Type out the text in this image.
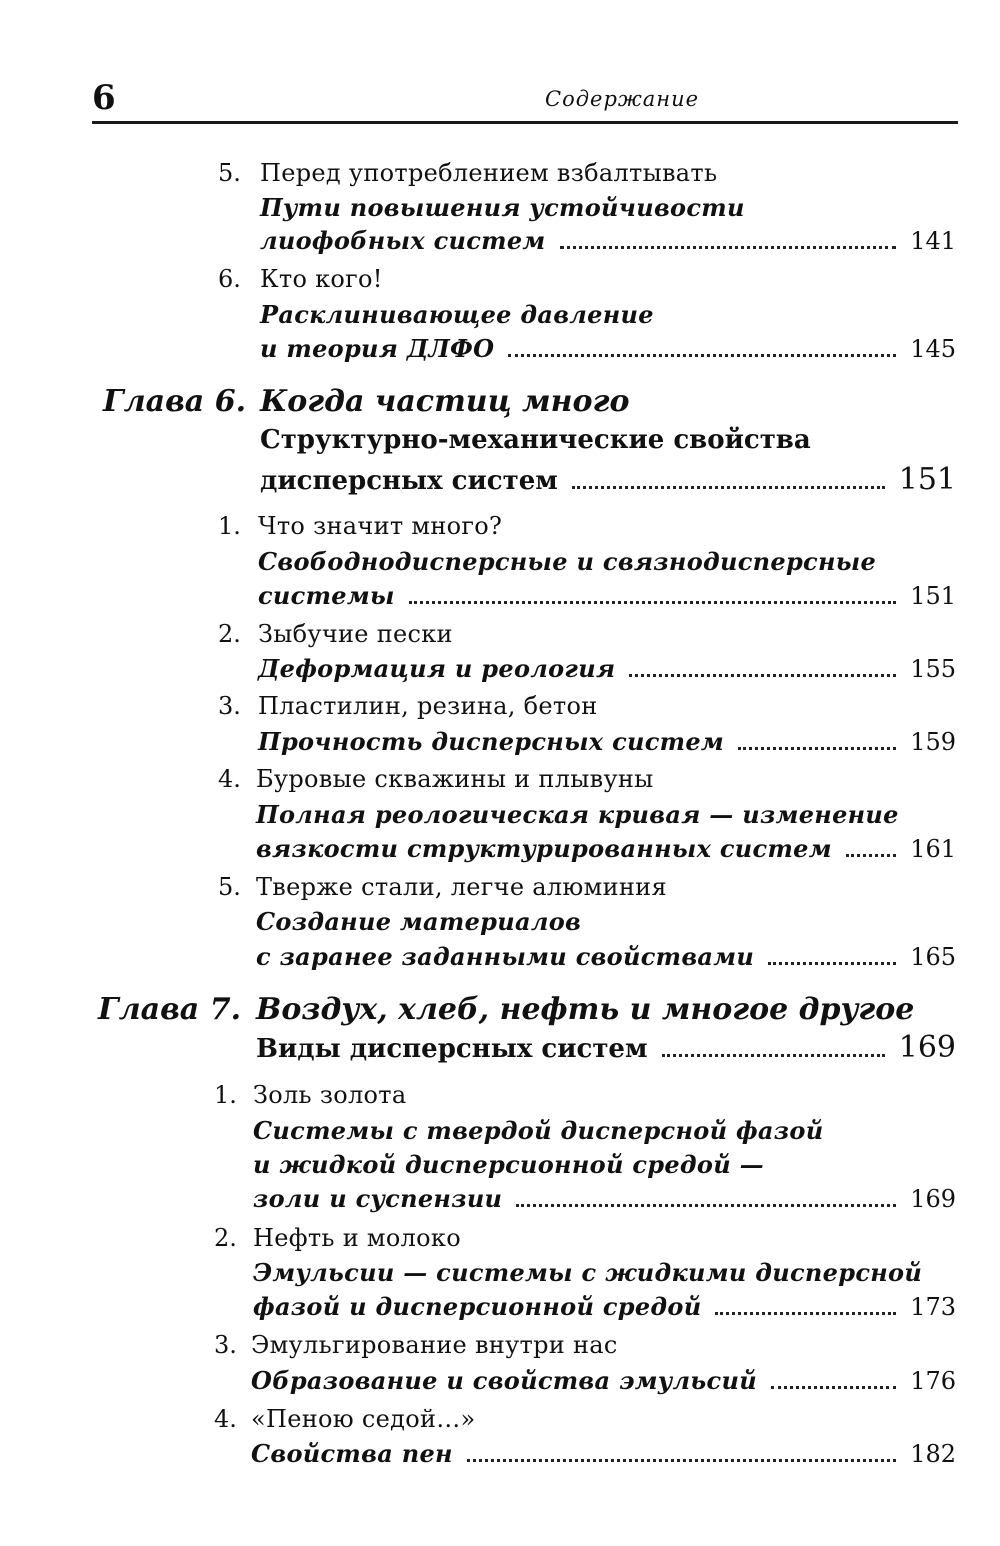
6	Содержание
5. Перед употреблением взбалтывать
Пути повышения устойчивости
лиофобных систем	141
6. Кто кого!
Расклинивающее давление
и теория ДЛФО	145
Глава 6. Когда частиц много
Структурно-механические свойства
дисперсных систем	151
1. Что значит много?
Свободнодисперсные и связнодисперсные
системы	151
2. Зыбучие пески
Деформация и реология	155
3. Пластилин, резина, бетон
Прочность дисперсных систем	159
4. Буровые скважины и плывуны
Полная реологическая кривая — изменение
вязкости структурированных систем	161
5. Тверже стали, легче алюминия
Создание материалов
с заранее заданными свойствами	165
Глава 7. Воздух, хлеб, нефть и многое другое
Виды дисперсных систем	169
1. Золь золота
Системы с твердой дисперсной фазой
и жидкой дисперсионной средой —
золи и суспензии	169
2. Нефть и молоко
Эмульсии — системы с жидкими дисперсной
фазой и дисперсионной средой	173
3. Эмульгирование внутри нас
Образование и свойства эмульсий	176
4. «Пеною седой…»
Свойства пен	182
